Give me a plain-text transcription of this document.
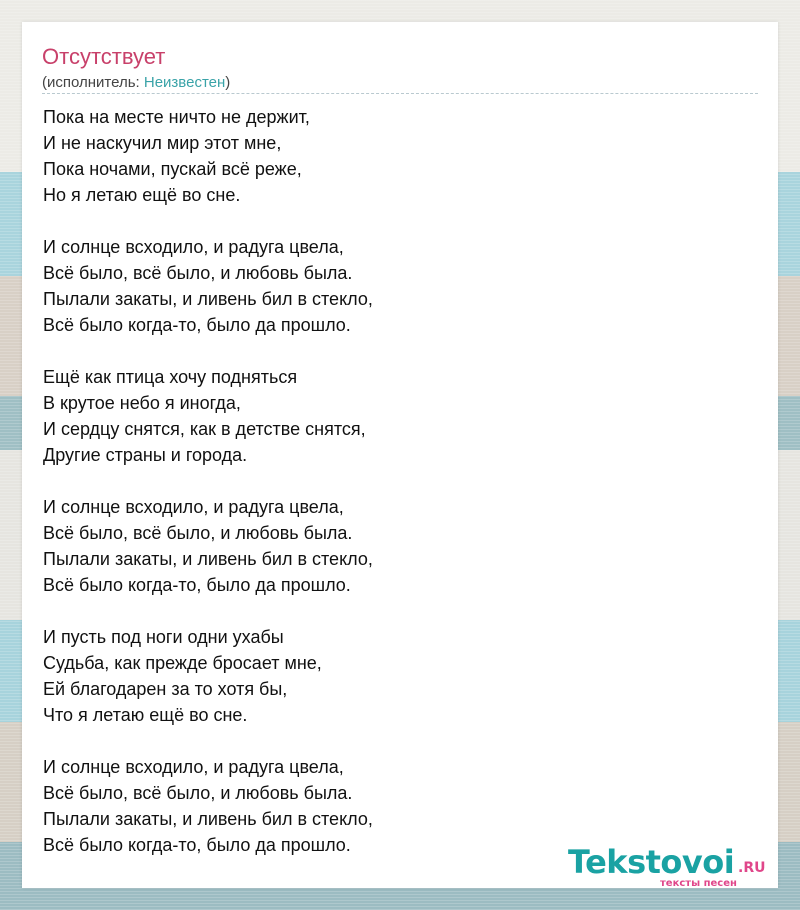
Отсутствует
(исполнитель: Неизвестен)
Пока на месте ничто не держит,
И не наскучил мир этот мне,
Пока ночами, пускай всё реже,
Но я летаю ещё во сне.
И солнце всходило, и радуга цвела,
Всё было, всё было, и любовь была.
Пылали закаты, и ливень бил в стекло,
Всё было когда-то, было да прошло.
Ещё как птица хочу подняться
В крутое небо я иногда,
И сердцу снятся, как в детстве снятся,
Другие страны и города.
И солнце всходило, и радуга цвела,
Всё было, всё было, и любовь была.
Пылали закаты, и ливень бил в стекло,
Всё было когда-то, было да прошло.
И пусть под ноги одни ухабы
Судьба, как прежде бросает мне,
Ей благодарен за то хотя бы,
Что я летаю ещё во сне.
И солнце всходило, и радуга цвела,
Всё было, всё было, и любовь была.
Пылали закаты, и ливень бил в стекло,
Всё было когда-то, было да прошло.	Tekstovoi .RU
тексты песен
